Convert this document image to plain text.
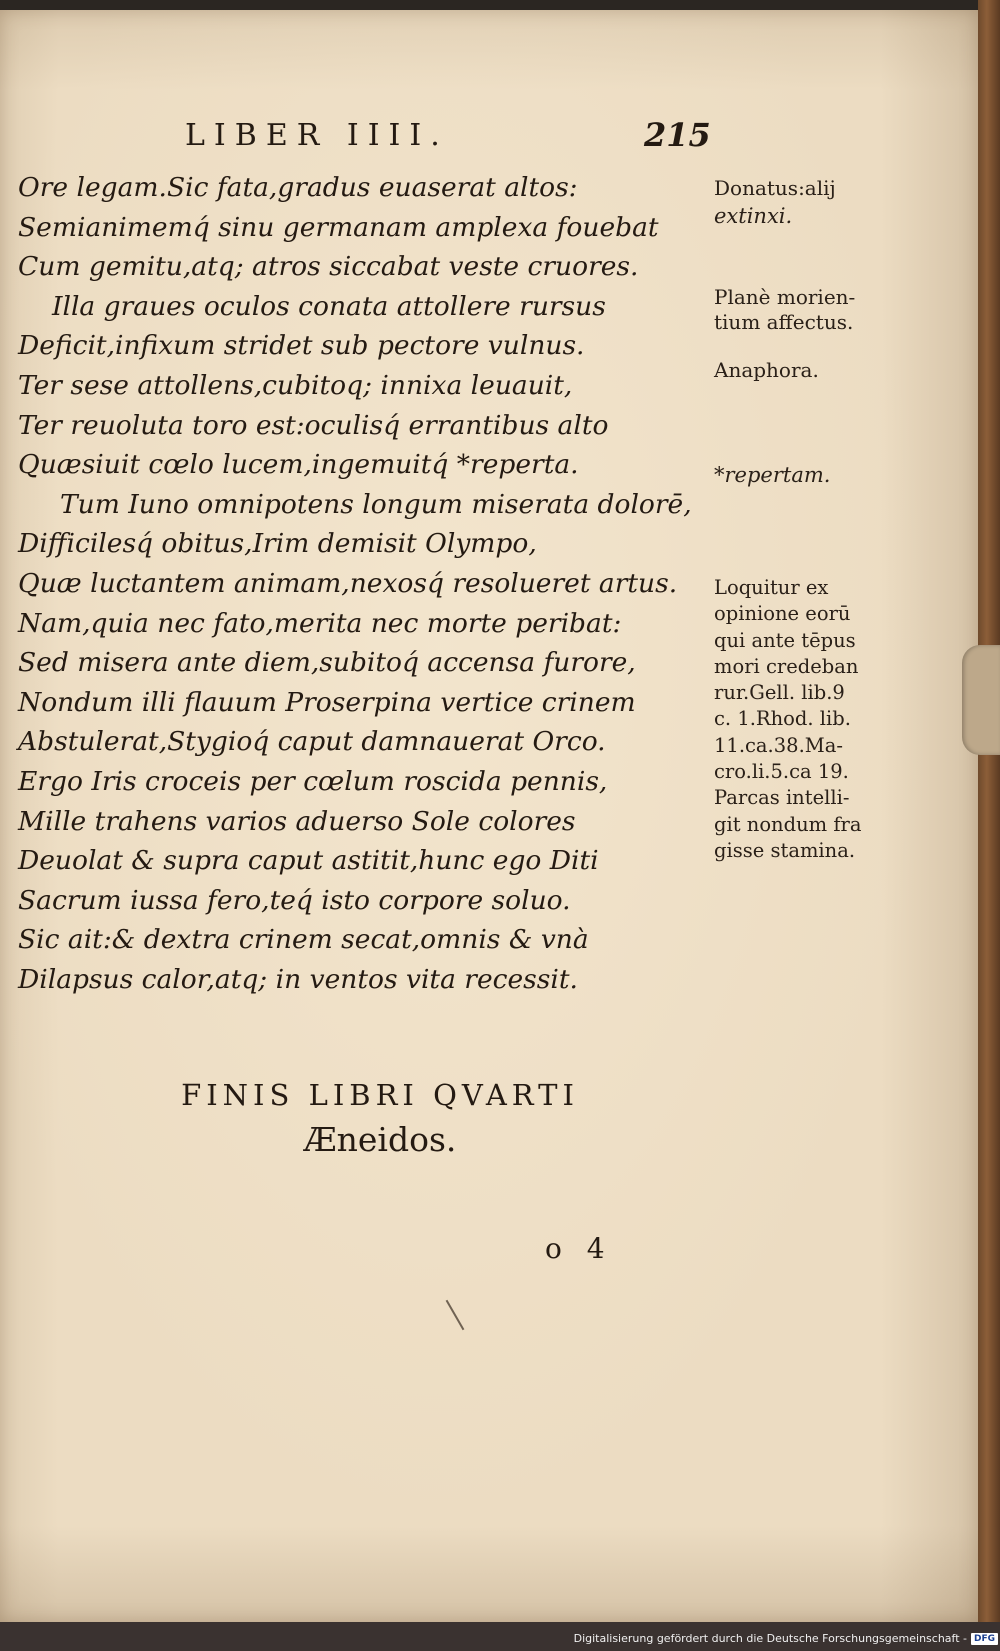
LIBER IIII.	215
Ore legam.Sic fata,gradus euaserat altos:
Semianimemq́ sinu germanam amplexa fouebat
Cum gemitu,atq; atros siccabat veste cruores.
Illa graues oculos conata attollere rursus
Deficit,infixum stridet sub pectore vulnus.
Ter sese attollens,cubitoq; innixa leuauit,
Ter reuoluta toro est:oculisq́ errantibus alto
Quæsiuit cœlo lucem,ingemuitq́ *reperta.
Tum Iuno omnipotens longum miserata dolorē,
Difficilesq́ obitus,Irim demisit Olympo,
Quæ luctantem animam,nexosq́ resolueret artus.
Nam,quia nec fato,merita nec morte peribat:
Sed misera ante diem,subitoq́ accensa furore,
Nondum illi flauum Proserpina vertice crinem
Abstulerat,Stygioq́ caput damnauerat Orco.
Ergo Iris croceis per cœlum roscida pennis,
Mille trahens varios aduerso Sole colores
Deuolat & supra caput astitit,hunc ego Diti
Sacrum iussa fero,teq́ isto corpore soluo.
Sic ait:& dextra crinem secat,omnis & vnà
Dilapsus calor,atq; in ventos vita recessit.
Donatus:alij
extinxi.
Planè morien-
tium affectus.
Anaphora.
*repertam.
Loquitur ex
opinione eorū
qui ante tēpus
mori credeban
rur.Gell. lib.9
c. 1.Rhod. lib.
11.ca.38.Ma-
cro.li.5.ca 19.
Parcas intelli-
git nondum fra
gisse stamina.
FINIS LIBRI QVARTI
Æneidos.
o 4
Digitalisierung gefördert durch die Deutsche Forschungsgemeinschaft - DFG
